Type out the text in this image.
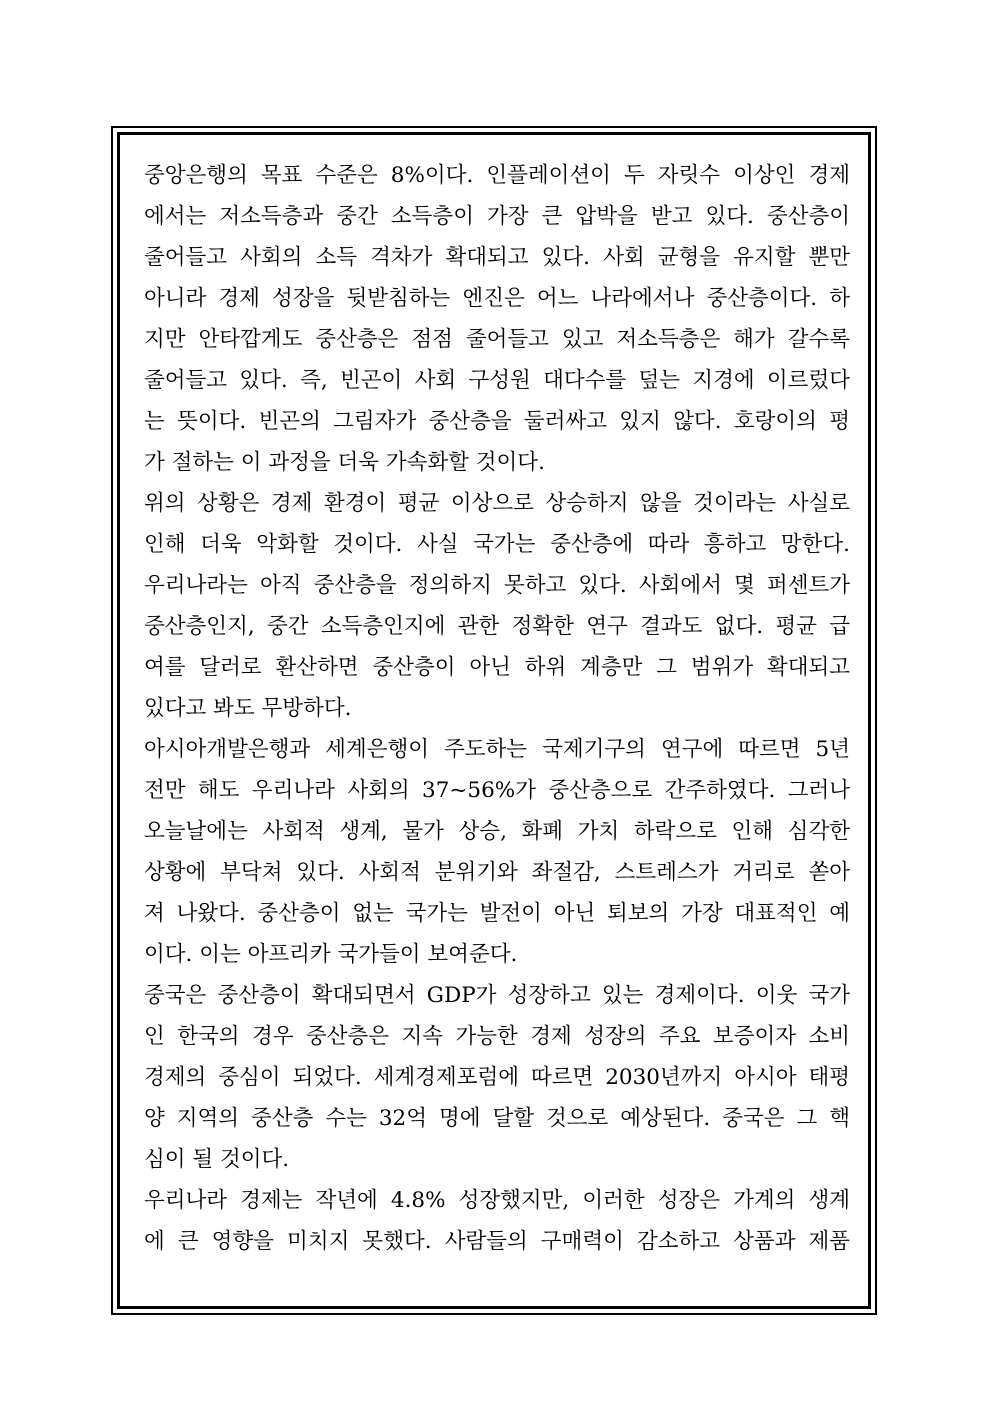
중앙은행의 목표 수준은 8%이다. 인플레이션이 두 자릿수 이상인 경제
에서는 저소득층과 중간 소득층이 가장 큰 압박을 받고 있다. 중산층이
줄어들고 사회의 소득 격차가 확대되고 있다. 사회 균형을 유지할 뿐만
아니라 경제 성장을 뒷받침하는 엔진은 어느 나라에서나 중산층이다. 하
지만 안타깝게도 중산층은 점점 줄어들고 있고 저소득층은 해가 갈수록
줄어들고 있다. 즉, 빈곤이 사회 구성원 대다수를 덮는 지경에 이르렀다
는 뜻이다. 빈곤의 그림자가 중산층을 둘러싸고 있지 않다. 호랑이의 평
가 절하는 이 과정을 더욱 가속화할 것이다.
위의 상황은 경제 환경이 평균 이상으로 상승하지 않을 것이라는 사실로
인해 더욱 악화할 것이다. 사실 국가는 중산층에 따라 흥하고 망한다.
우리나라는 아직 중산층을 정의하지 못하고 있다. 사회에서 몇 퍼센트가
중산층인지, 중간 소득층인지에 관한 정확한 연구 결과도 없다. 평균 급
여를 달러로 환산하면 중산층이 아닌 하위 계층만 그 범위가 확대되고
있다고 봐도 무방하다.
아시아개발은행과 세계은행이 주도하는 국제기구의 연구에 따르면 5년
전만 해도 우리나라 사회의 37~56%가 중산층으로 간주하였다. 그러나
오늘날에는 사회적 생계, 물가 상승, 화폐 가치 하락으로 인해 심각한
상황에 부닥쳐 있다. 사회적 분위기와 좌절감, 스트레스가 거리로 쏟아
져 나왔다. 중산층이 없는 국가는 발전이 아닌 퇴보의 가장 대표적인 예
이다. 이는 아프리카 국가들이 보여준다.
중국은 중산층이 확대되면서 GDP가 성장하고 있는 경제이다. 이웃 국가
인 한국의 경우 중산층은 지속 가능한 경제 성장의 주요 보증이자 소비
경제의 중심이 되었다. 세계경제포럼에 따르면 2030년까지 아시아 태평
양 지역의 중산층 수는 32억 명에 달할 것으로 예상된다. 중국은 그 핵
심이 될 것이다.
우리나라 경제는 작년에 4.8% 성장했지만, 이러한 성장은 가계의 생계
에 큰 영향을 미치지 못했다. 사람들의 구매력이 감소하고 상품과 제품
